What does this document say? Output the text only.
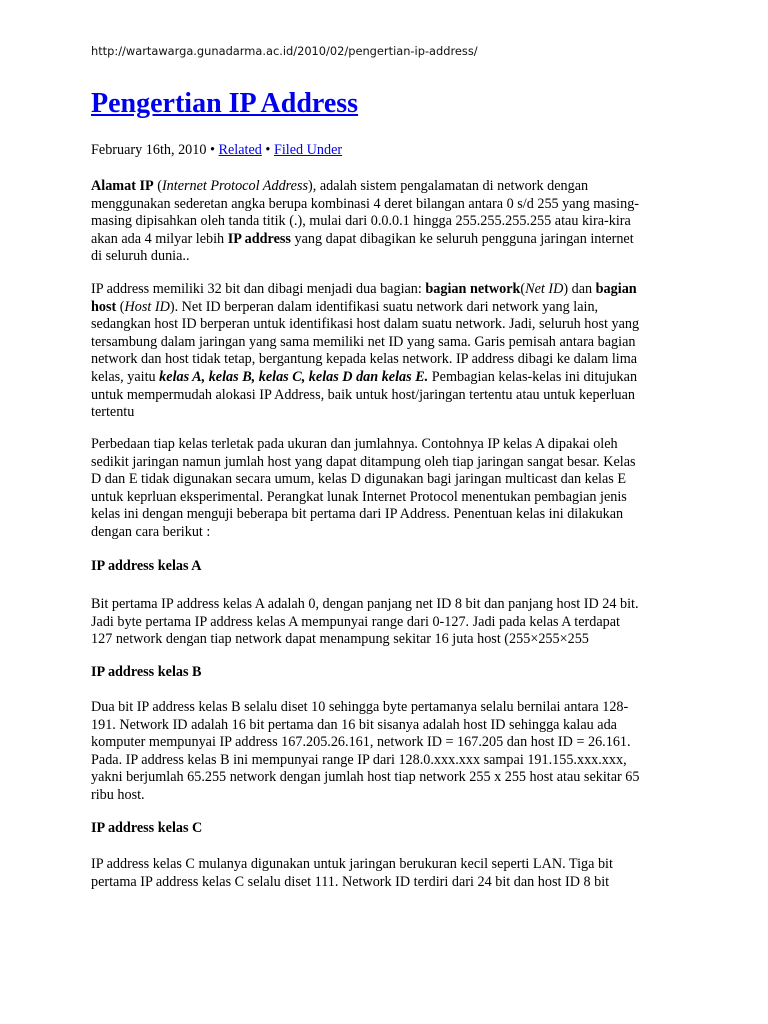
http://wartawarga.gunadarma.ac.id/2010/02/pengertian-ip-address/
Pengertian IP Address
February 16th, 2010 • Related • Filed Under
Alamat IP (Internet Protocol Address), adalah sistem pengalamatan di network dengan
menggunakan sederetan angka berupa kombinasi 4 deret bilangan antara 0 s/d 255 yang masing-
masing dipisahkan oleh tanda titik (.), mulai dari 0.0.0.1 hingga 255.255.255.255 atau kira-kira
akan ada 4 milyar lebih IP address yang dapat dibagikan ke seluruh pengguna jaringan internet
di seluruh dunia..
IP address memiliki 32 bit dan dibagi menjadi dua bagian: bagian network(Net ID) dan bagian
host (Host ID). Net ID berperan dalam identifikasi suatu network dari network yang lain,
sedangkan host ID berperan untuk identifikasi host dalam suatu network. Jadi, seluruh host yang
tersambung dalam jaringan yang sama memiliki net ID yang sama. Garis pemisah antara bagian
network dan host tidak tetap, bergantung kepada kelas network. IP address dibagi ke dalam lima
kelas, yaitu kelas A, kelas B, kelas C, kelas D dan kelas E. Pembagian kelas-kelas ini ditujukan
untuk mempermudah alokasi IP Address, baik untuk host/jaringan tertentu atau untuk keperluan
tertentu
Perbedaan tiap kelas terletak pada ukuran dan jumlahnya. Contohnya IP kelas A dipakai oleh
sedikit jaringan namun jumlah host yang dapat ditampung oleh tiap jaringan sangat besar. Kelas
D dan E tidak digunakan secara umum, kelas D digunakan bagi jaringan multicast dan kelas E
untuk keprluan eksperimental. Perangkat lunak Internet Protocol menentukan pembagian jenis
kelas ini dengan menguji beberapa bit pertama dari IP Address. Penentuan kelas ini dilakukan
dengan cara berikut :
IP address kelas A
Bit pertama IP address kelas A adalah 0, dengan panjang net ID 8 bit dan panjang host ID 24 bit.
Jadi byte pertama IP address kelas A mempunyai range dari 0-127. Jadi pada kelas A terdapat
127 network dengan tiap network dapat menampung sekitar 16 juta host (255×255×255
IP address kelas B
Dua bit IP address kelas B selalu diset 10 sehingga byte pertamanya selalu bernilai antara 128-
191. Network ID adalah 16 bit pertama dan 16 bit sisanya adalah host ID sehingga kalau ada
komputer mempunyai IP address 167.205.26.161, network ID = 167.205 dan host ID = 26.161.
Pada. IP address kelas B ini mempunyai range IP dari 128.0.xxx.xxx sampai 191.155.xxx.xxx,
yakni berjumlah 65.255 network dengan jumlah host tiap network 255 x 255 host atau sekitar 65
ribu host.
IP address kelas C
IP address kelas C mulanya digunakan untuk jaringan berukuran kecil seperti LAN. Tiga bit
pertama IP address kelas C selalu diset 111. Network ID terdiri dari 24 bit dan host ID 8 bit
